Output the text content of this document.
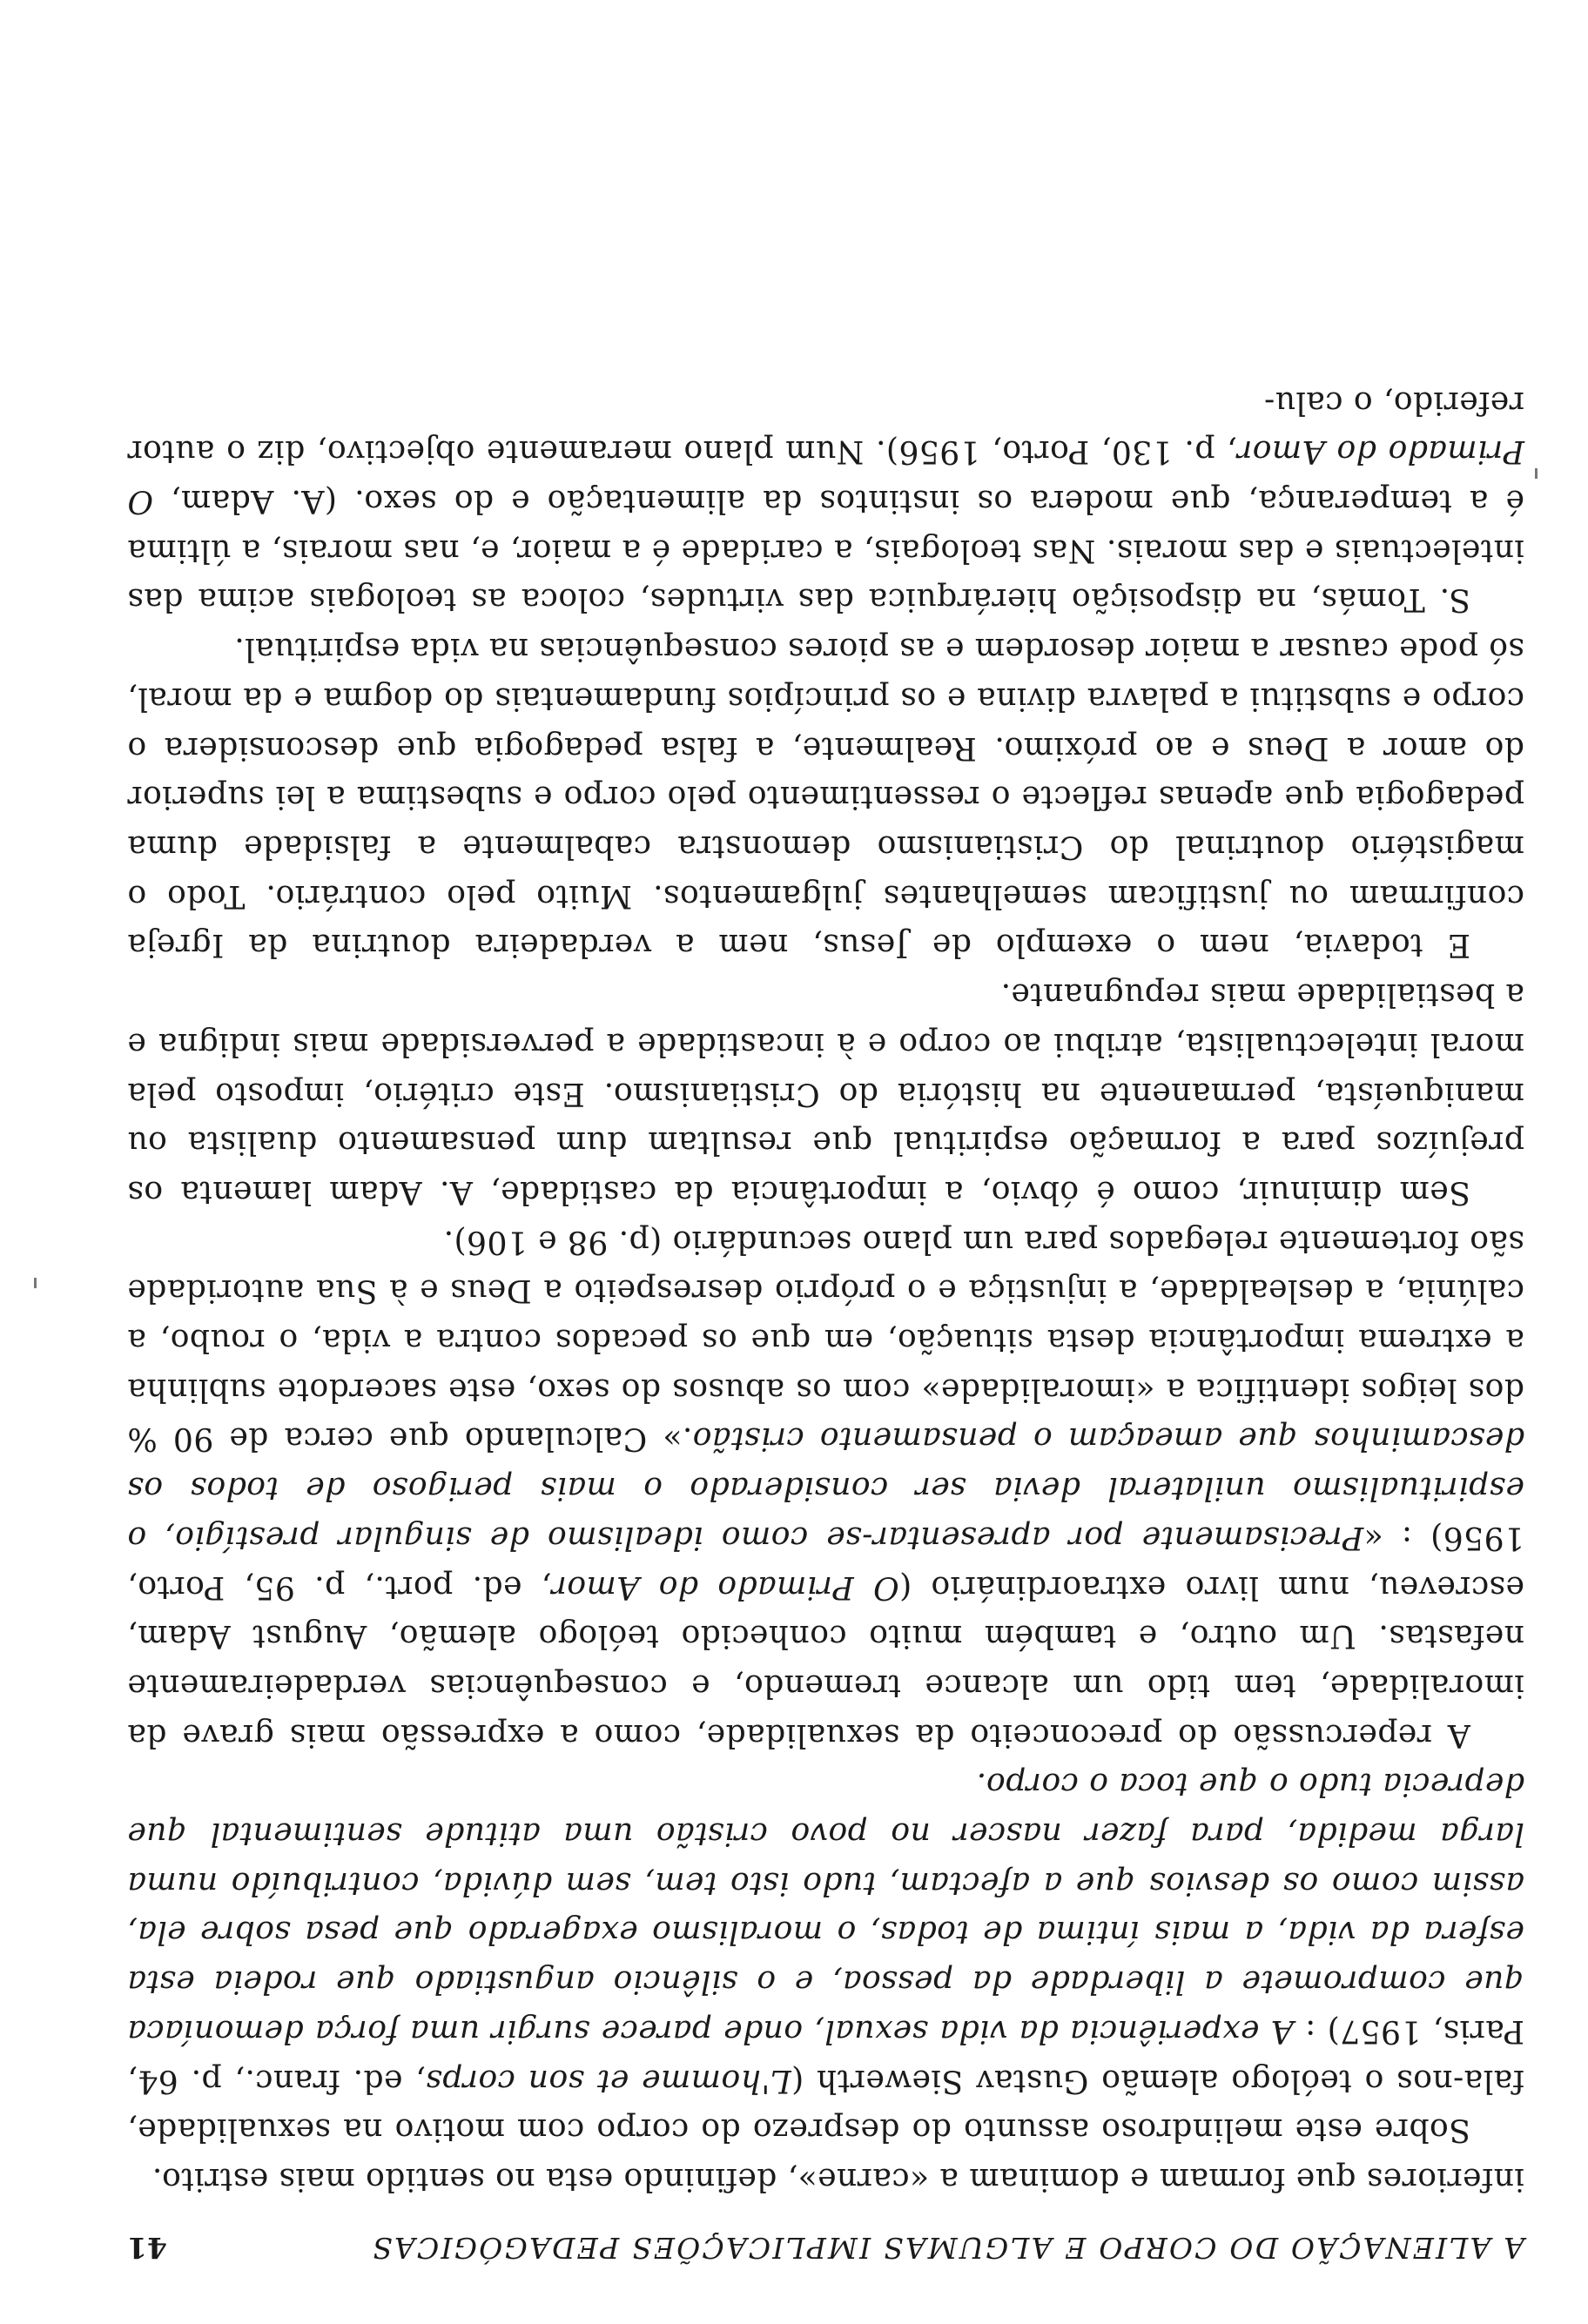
A ALIENAÇÃO DO CORPO E ALGUMAS IMPLICAÇÕES PEDAGÓGICAS
41

inferiores que formam e dominam a «carne», definindo esta no sentido mais estrito.

Sobre este melindroso assunto do desprezo do corpo com motivo na sexualidade, fala-nos o teólogo alemão Gustav Siewerth (L'homme et son corps, ed. franc., p. 64, Paris, 1957) : A experiência da vida sexual, onde parece surgir uma força demoníaca que compromete a liberdade da pessoa, e o silêncio angustiado que rodeia esta esfera da vida, a mais íntima de todas, o moralismo exagerado que pesa sobre ela, assim como os desvios que a afectam, tudo isto tem, sem dúvida, contribuído numa larga medida, para fazer nascer no povo cristão uma atitude sentimental que deprecia tudo o que toca o corpo.

A repercussão do preconceito da sexualidade, como a expressão mais grave da imoralidade, tem tido um alcance tremendo, e consequências verdadeiramente nefastas. Um outro, e também muito conhecido teólogo alemão, August Adam, escreveu, num livro extraordinário (O Primado do Amor, ed. port., p. 95, Porto, 1956) : «Precisamente por apresentar-se como idealismo de singular prestígio, o espiritualismo unilateral devia ser considerado o mais perigoso de todos os descaminhos que ameaçam o pensamento cristão.» Calculando que cerca de 90 % dos leigos identifica a «imoralidade» com os abusos do sexo, este sacerdote sublinha a extrema importância desta situação, em que os pecados contra a vida, o roubo, a calúnia, a deslealdade, a injustiça e o próprio desrespeito a Deus e à Sua autoridade são fortemente relegados para um plano secundário (p. 98 e 106).

Sem diminuir, como é óbvio, a importância da castidade, A. Adam lamenta os prejuízos para a formação espiritual que resultam dum pensamento dualista ou maniqueísta, permanente na história do Cristianismo. Este critério, imposto pela moral intelectualista, atribui ao corpo e à incastidade a perversidade mais indigna e a bestialidade mais repugnante.

E todavia, nem o exemplo de Jesus, nem a verdadeira doutrina da Igreja confirmam ou justificam semelhantes julgamentos. Muito pelo contrário. Todo o magistério doutrinal do Cristianismo demonstra cabalmente a falsidade duma pedagogia que apenas reflecte o ressentimento pelo corpo e subestima a lei superior do amor a Deus e ao próximo. Realmente, a falsa pedagogia que desconsidera o corpo e substitui a palavra divina e os princípios fundamentais do dogma e da moral, só pode causar a maior desordem e as piores consequências na vida espiritual.

S. Tomás, na disposição hierárquica das virtudes, coloca as teologais acima das intelectuais e das morais. Nas teologais, a caridade é a maior, e, nas morais, a última é a temperança, que modera os instintos da alimentação e do sexo. (A. Adam, O Primado do Amor, p. 130, Porto, 1956). Num plano meramente objectivo, diz o autor referido, o calu-
